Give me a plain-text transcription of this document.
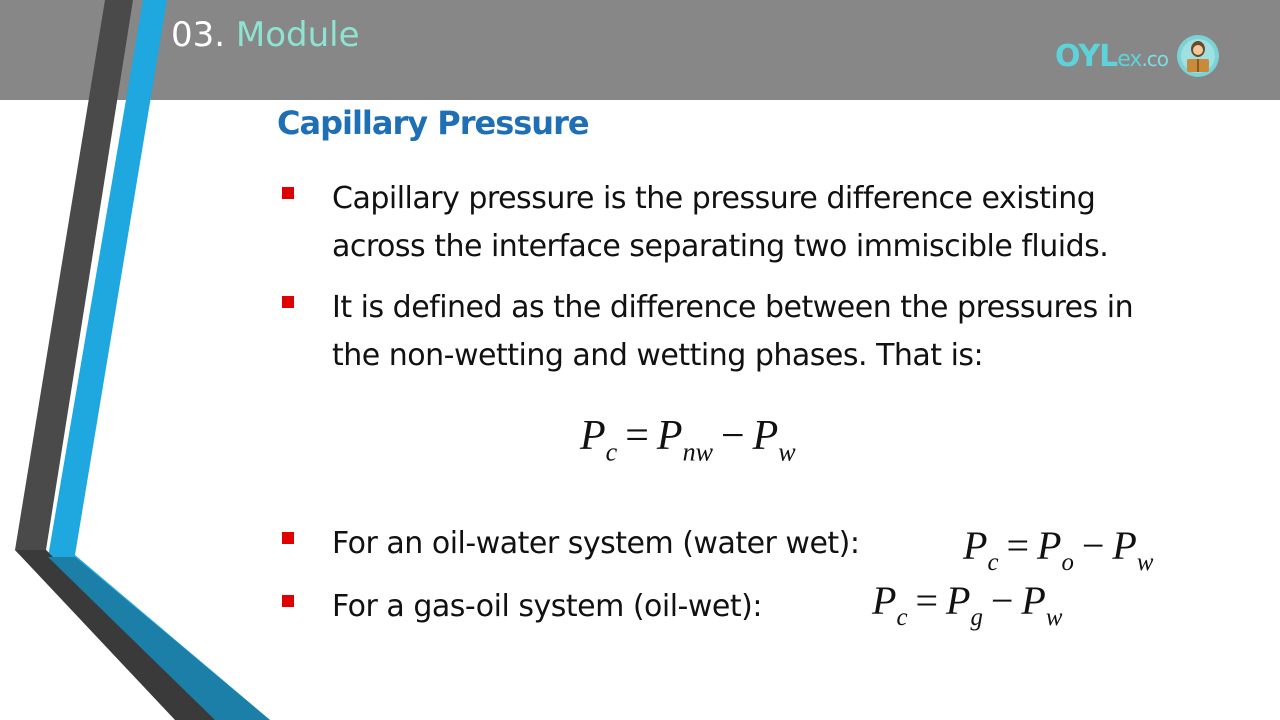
03. Module
OYLex.co
Capillary Pressure
Capillary pressure is the pressure difference existing
across the interface separating two immiscible fluids.
It is defined as the difference between the pressures in
the non-wetting and wetting phases. That is:
$P_c = P_{nw} - P_w$
For an oil-water system (water wet):	$P_c = P_o - P_w$
For a gas-oil system (oil-wet):	$P_c = P_g - P_w$
